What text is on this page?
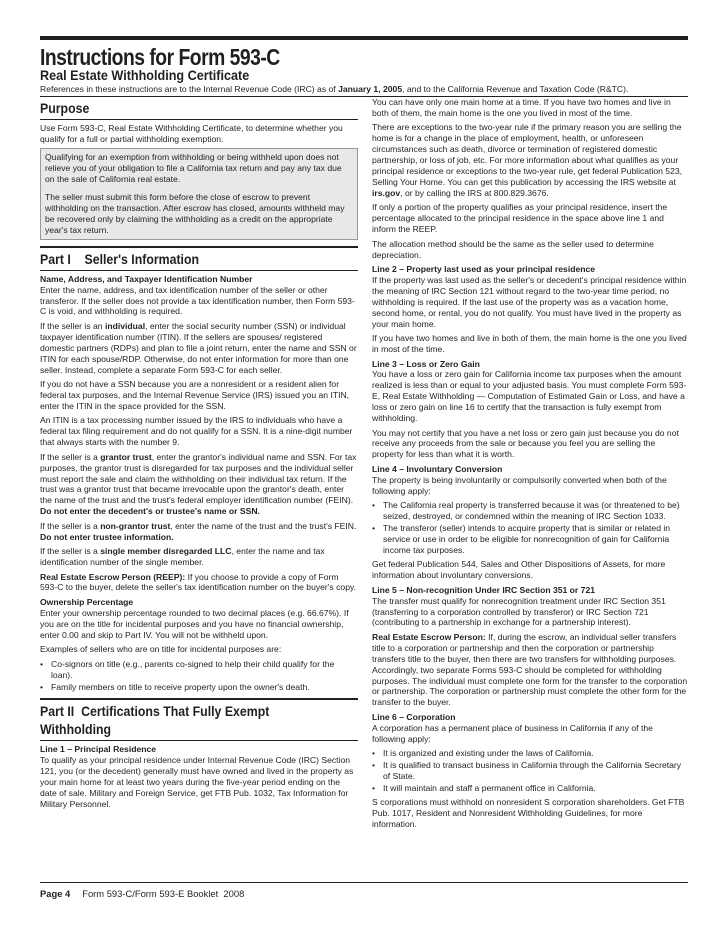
Instructions for Form 593-C
Real Estate Withholding Certificate
References in these instructions are to the Internal Revenue Code (IRC) as of January 1, 2005, and to the California Revenue and Taxation Code (R&TC).
Purpose

Use Form 593-C, Real Estate Withholding Certificate, to determine whether you qualify for a full or partial withholding exemption.

Qualifying for an exemption from withholding or being withheld upon does not relieve you of your obligation to file a California tax return and pay any tax due on the sale of California real estate.

The seller must submit this form before the close of escrow to prevent withholding on the transaction. After escrow has closed, amounts withheld may be recovered only by claiming the withholding as a credit on the appropriate year's tax return.

Part I    Seller's Information

Name, Address, and Taxpayer Identification Number
Enter the name, address, and tax identification number of the seller or other transferor. If the seller does not provide a tax identification number, then Form 593-C is void, and withholding is required.

If the seller is an individual, enter the social security number (SSN) or individual taxpayer identification number (ITIN). If the sellers are spouses/ registered domestic partners (RDPs) and plan to file a joint return, enter the name and SSN or ITIN for each spouse/RDP. Otherwise, do not enter information for more than one seller. Instead, complete a separate Form 593-C for each seller.

If you do not have a SSN because you are a nonresident or a resident alien for federal tax purposes, and the Internal Revenue Service (IRS) issued you an ITIN, enter the ITIN in the space provided for the SSN.

An ITIN is a tax processing number issued by the IRS to individuals who have a federal tax filing requirement and do not qualify for a SSN. It is a nine-digit number that always starts with the number 9.

If the seller is a grantor trust, enter the grantor's individual name and SSN. For tax purposes, the grantor trust is disregarded for tax purposes and the individual seller must report the sale and claim the withholding on their individual tax return. If the trust was a grantor trust that became irrevocable upon the grantor's death, enter the name of the trust and the trust's federal employer identification number (FEIN). Do not enter the decedent's or trustee's name or SSN.

If the seller is a non-grantor trust, enter the name of the trust and the trust's FEIN. Do not enter trustee information.

If the seller is a single member disregarded LLC, enter the name and tax identification number of the single member.

Real Estate Escrow Person (REEP): If you choose to provide a copy of Form 593-C to the buyer, delete the seller's tax identification number on the buyer's copy.

Ownership Percentage
Enter your ownership percentage rounded to two decimal places (e.g. 66.67%). If you are on the title for incidental purposes and you have no financial ownership, enter 0.00 and skip to Part IV. You will not be withheld upon.

Examples of sellers who are on title for incidental purposes are:

• Co-signors on title (e.g., parents co-signed to help their child qualify for the loan).
• Family members on title to receive property upon the owner's death.
Part II  Certifications That Fully Exempt
Withholding

Line 1 – Principal Residence
To qualify as your principal residence under Internal Revenue Code (IRC) Section 121, you (or the decedent) generally must have owned and lived in the property as your main home for at least two years during the five-year period ending on the date of sale. Military and Foreign Service, get FTB Pub. 1032, Tax Information for Military Personnel.

You can have only one main home at a time. If you have two homes and live in both of them, the main home is the one you lived in most of the time.

There are exceptions to the two-year rule if the primary reason you are selling the home is for a change in the place of employment, health, or unforeseen circumstances such as death, divorce or termination of registered domestic partnership, or loss of job, etc. For more information about what qualifies as your principal residence or exceptions to the two-year rule, get federal Publication 523, Selling Your Home. You can get this publication by accessing the IRS website at irs.gov, or by calling the IRS at 800.829.3676.

If only a portion of the property qualifies as your principal residence, insert the percentage allocated to the principal residence in the space above line 1 and inform the REEP.

The allocation method should be the same as the seller used to determine depreciation.

Line 2 – Property last used as your principal residence
If the property was last used as the seller's or decedent's principal residence within the meaning of IRC Section 121 without regard to the two-year time period, no withholding is required. If the last use of the property was as a vacation home, second home, or rental, you do not qualify. You must have lived in the property as your main home.

If you have two homes and live in both of them, the main home is the one you lived in most of the time.

Line 3 – Loss or Zero Gain
You have a loss or zero gain for California income tax purposes when the amount realized is less than or equal to your adjusted basis. You must complete Form 593-E, Real Estate Withholding — Computation of Estimated Gain or Loss, and have a loss or zero gain on line 16 to certify that the transaction is fully exempt from withholding.

You may not certify that you have a net loss or zero gain just because you do not receive any proceeds from the sale or because you feel you are selling the property for less than what it is worth.

Line 4 – Involuntary Conversion
The property is being involuntarily or compulsorily converted when both of the following apply:

• The California real property is transferred because it was (or threatened to be) seized, destroyed, or condemned within the meaning of IRC Section 1033.
• The transferor (seller) intends to acquire property that is similar or related in service or use in order to be eligible for nonrecognition of gain for California income tax purposes.

Get federal Publication 544, Sales and Other Dispositions of Assets, for more information about involuntary conversions.

Line 5 – Non-recognition Under IRC Section 351 or 721
The transfer must qualify for nonrecognition treatment under IRC Section 351 (transferring to a corporation controlled by transferor) or IRC Section 721 (contributing to a partnership in exchange for a partnership interest).

Real Estate Escrow Person: If, during the escrow, an individual seller transfers title to a corporation or partnership and then the corporation or partnership transfers title to the buyer, then there are two transfers for withholding purposes. Accordingly, two separate Forms 593-C should be completed for withholding purposes. The individual must complete one form for the transfer to the corporation or partnership. The corporation or partnership must complete the other form for the transfer to the buyer.

Line 6 – Corporation
A corporation has a permanent place of business in California if any of the following apply:

• It is organized and existing under the laws of California.
• It is qualified to transact business in California through the California Secretary of State.
• It will maintain and staff a permanent office in California.

S corporations must withhold on nonresident S corporation shareholders. Get FTB Pub. 1017, Resident and Nonresident Withholding Guidelines, for more information.

Page 4 Form 593-C/Form 593-E Booklet  2008
